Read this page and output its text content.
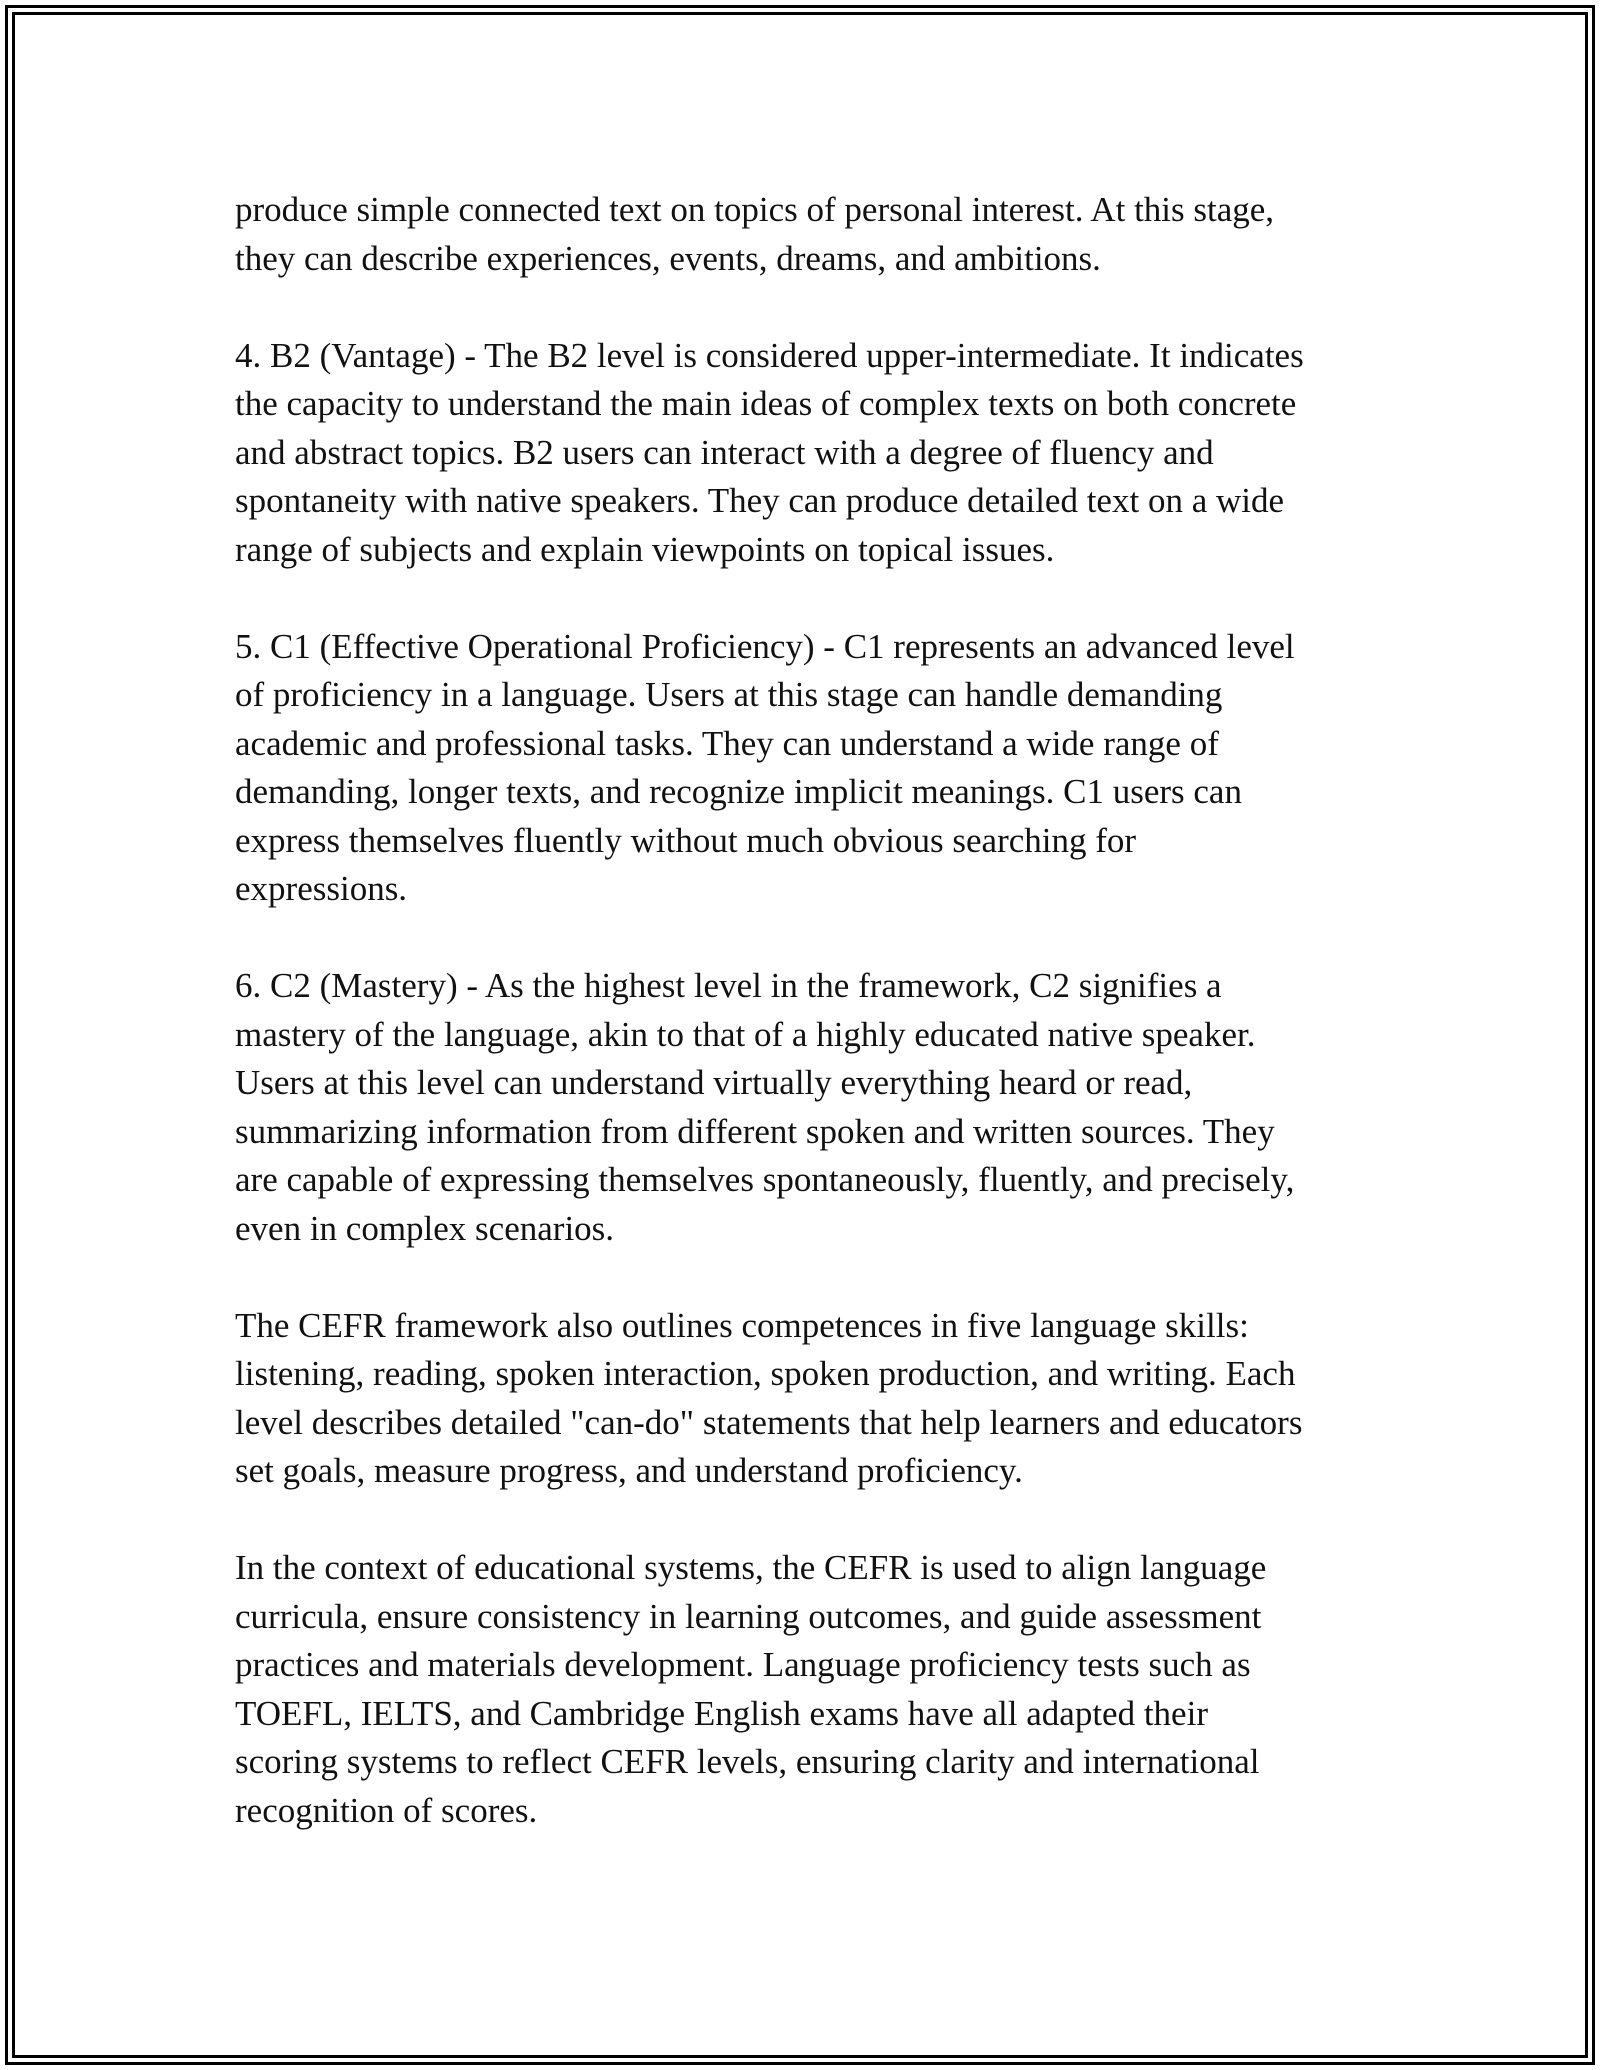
produce simple connected text on topics of personal interest. At this stage,
they can describe experiences, events, dreams, and ambitions.

4. B2 (Vantage) - The B2 level is considered upper-intermediate. It indicates
the capacity to understand the main ideas of complex texts on both concrete
and abstract topics. B2 users can interact with a degree of fluency and
spontaneity with native speakers. They can produce detailed text on a wide
range of subjects and explain viewpoints on topical issues.

5. C1 (Effective Operational Proficiency) - C1 represents an advanced level
of proficiency in a language. Users at this stage can handle demanding
academic and professional tasks. They can understand a wide range of
demanding, longer texts, and recognize implicit meanings. C1 users can
express themselves fluently without much obvious searching for
expressions.

6. C2 (Mastery) - As the highest level in the framework, C2 signifies a
mastery of the language, akin to that of a highly educated native speaker.
Users at this level can understand virtually everything heard or read,
summarizing information from different spoken and written sources. They
are capable of expressing themselves spontaneously, fluently, and precisely,
even in complex scenarios.

The CEFR framework also outlines competences in five language skills:
listening, reading, spoken interaction, spoken production, and writing. Each
level describes detailed "can-do" statements that help learners and educators
set goals, measure progress, and understand proficiency.

In the context of educational systems, the CEFR is used to align language
curricula, ensure consistency in learning outcomes, and guide assessment
practices and materials development. Language proficiency tests such as
TOEFL, IELTS, and Cambridge English exams have all adapted their
scoring systems to reflect CEFR levels, ensuring clarity and international
recognition of scores.
